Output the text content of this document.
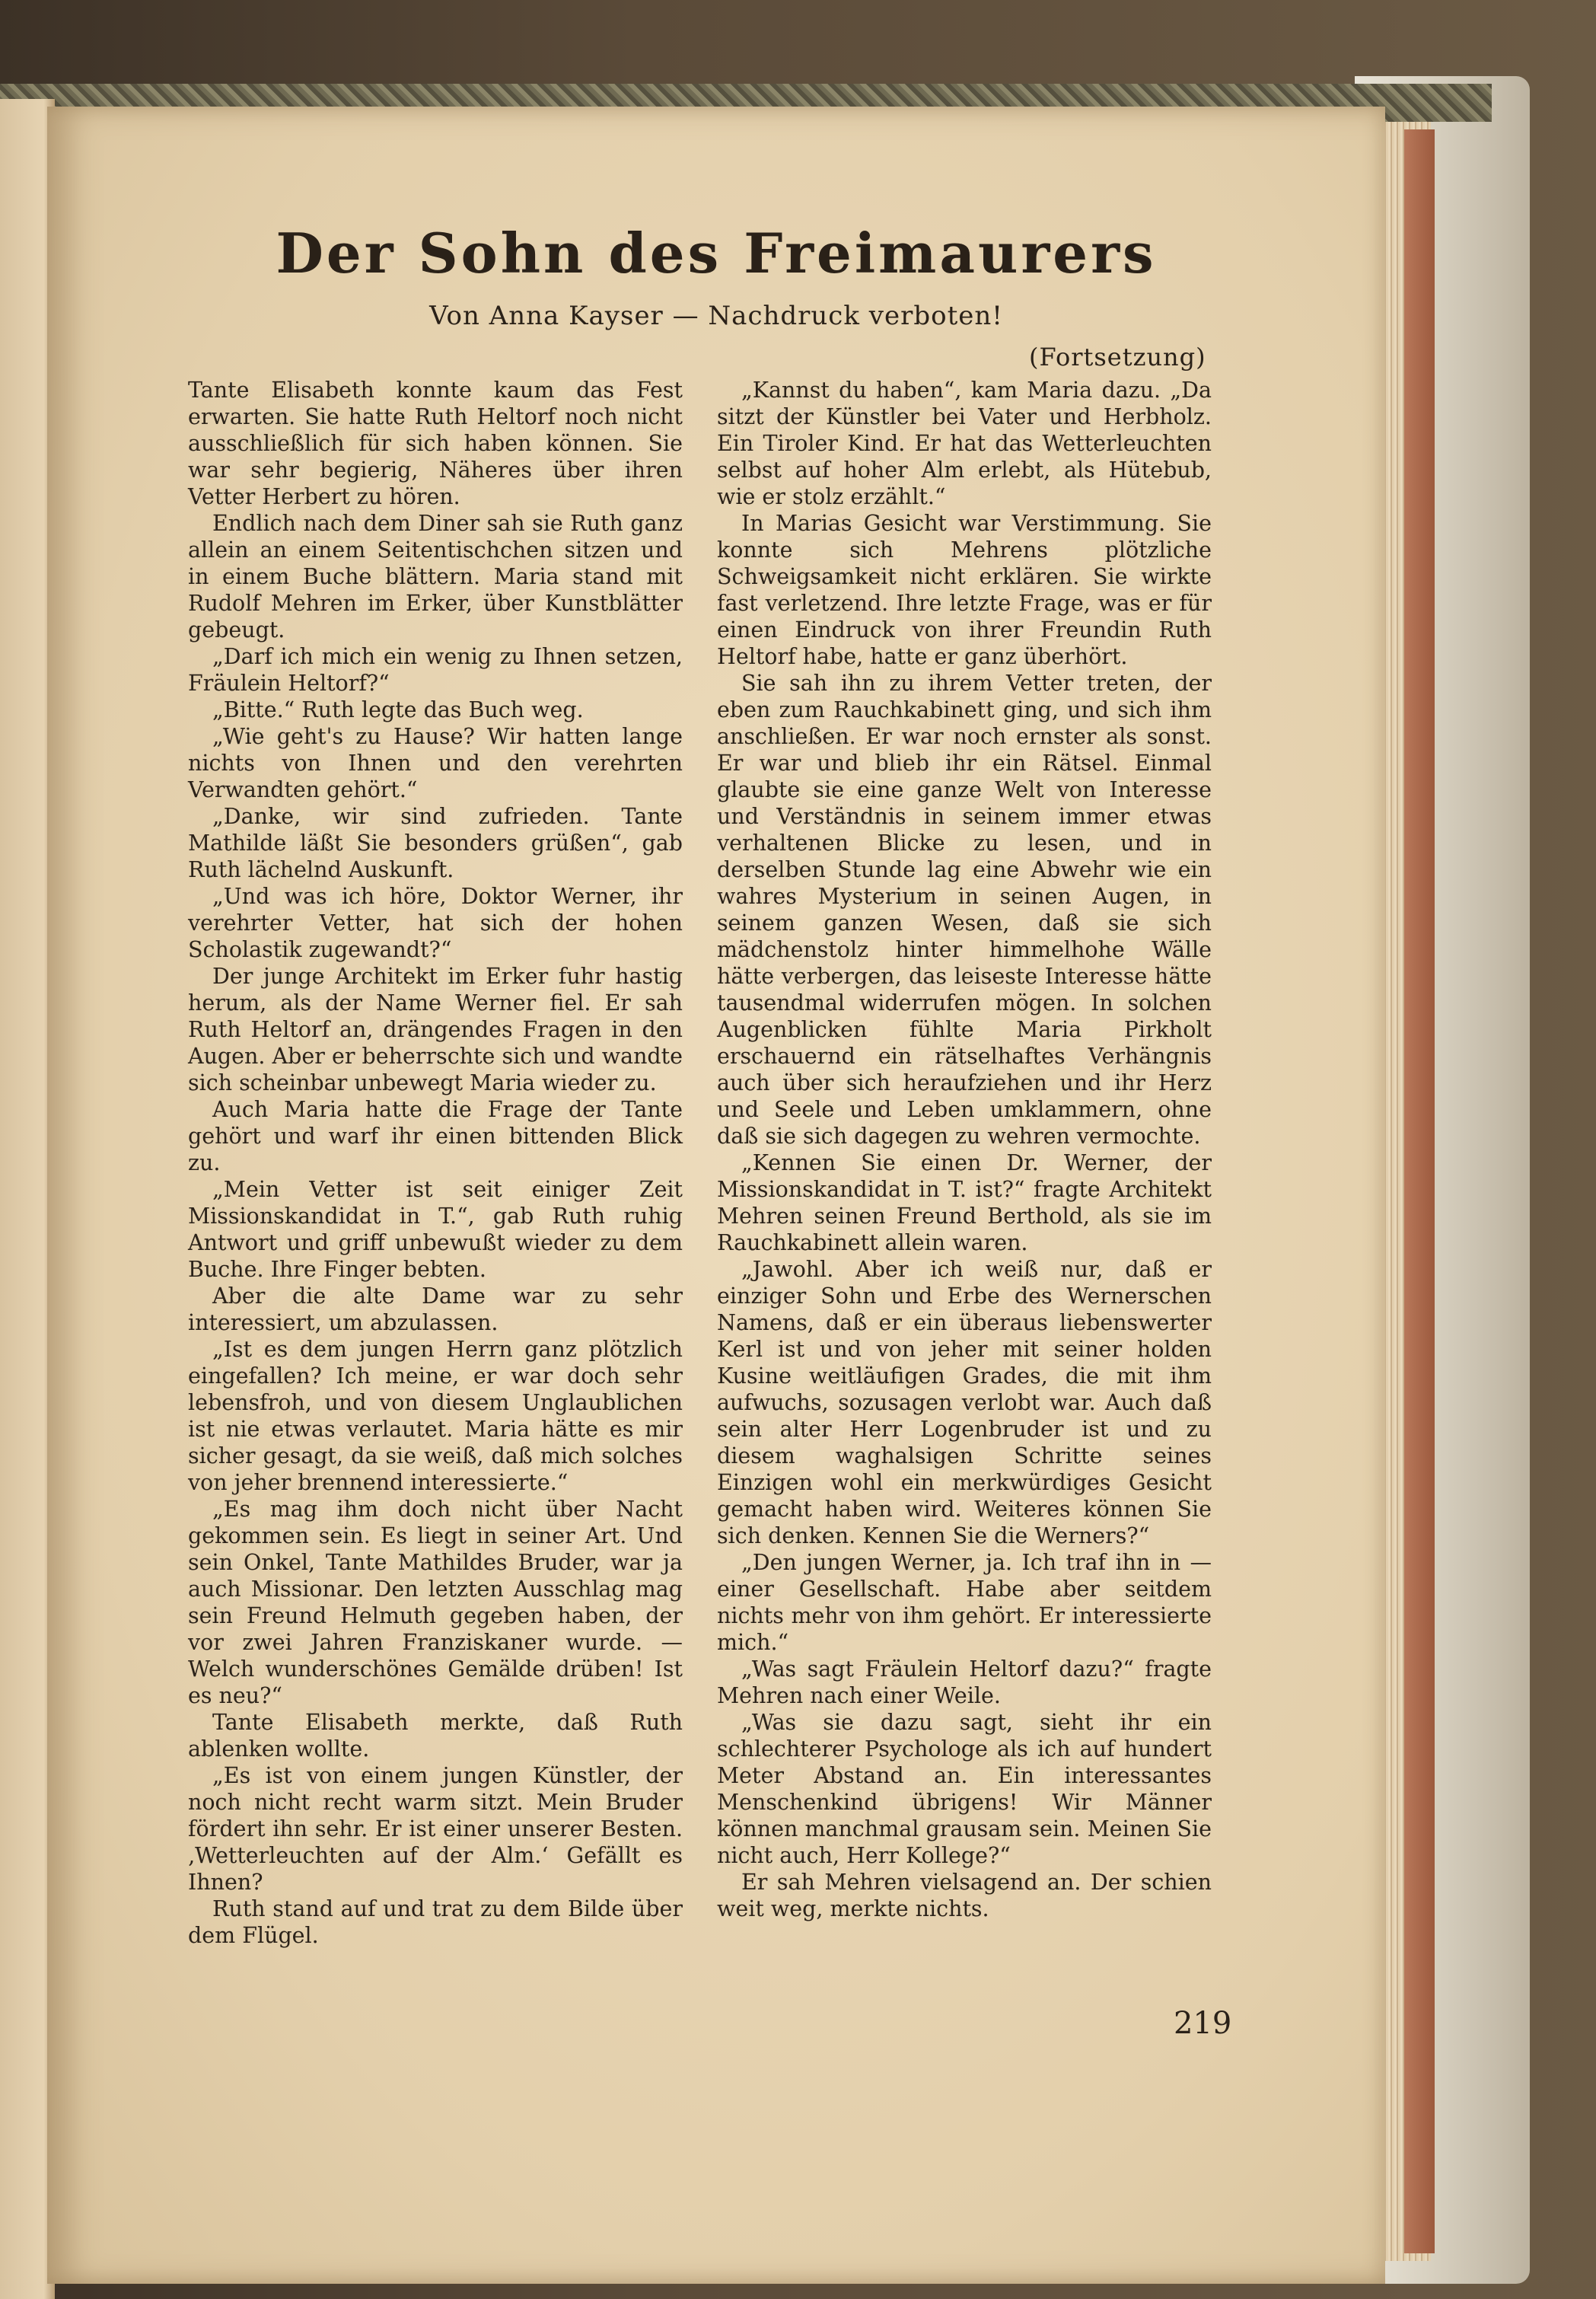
Der Sohn des Freimaurers
Von Anna Kayser — Nachdruck verboten!
(Fortsetzung)

Tante Elisabeth konnte kaum das Fest erwarten. Sie hatte Ruth Heltorf noch nicht ausschließlich für sich haben können. Sie war sehr begierig, Näheres über ihren Vetter Herbert zu hören.

Endlich nach dem Diner sah sie Ruth ganz allein an einem Seitentischchen sitzen und in einem Buche blättern. Maria stand mit Rudolf Mehren im Erker, über Kunstblätter gebeugt.

„Darf ich mich ein wenig zu Ihnen setzen, Fräulein Heltorf?“

„Bitte.“ Ruth legte das Buch weg.

„Wie geht's zu Hause? Wir hatten lange nichts von Ihnen und den verehrten Verwandten gehört.“

„Danke, wir sind zufrieden. Tante Mathilde läßt Sie besonders grüßen“, gab Ruth lächelnd Auskunft.

„Und was ich höre, Doktor Werner, ihr verehrter Vetter, hat sich der hohen Scholastik zugewandt?“

Der junge Architekt im Erker fuhr hastig herum, als der Name Werner fiel. Er sah Ruth Heltorf an, drängendes Fragen in den Augen. Aber er beherrschte sich und wandte sich scheinbar unbewegt Maria wieder zu.

Auch Maria hatte die Frage der Tante gehört und warf ihr einen bittenden Blick zu.

„Mein Vetter ist seit einiger Zeit Missionskandidat in T.“, gab Ruth ruhig Antwort und griff unbewußt wieder zu dem Buche. Ihre Finger bebten.

Aber die alte Dame war zu sehr interessiert, um abzulassen.

„Ist es dem jungen Herrn ganz plötzlich eingefallen? Ich meine, er war doch sehr lebensfroh, und von diesem Unglaublichen ist nie etwas verlautet. Maria hätte es mir sicher gesagt, da sie weiß, daß mich solches von jeher brennend interessierte.“

„Es mag ihm doch nicht über Nacht gekommen sein. Es liegt in seiner Art. Und sein Onkel, Tante Mathildes Bruder, war ja auch Missionar. Den letzten Ausschlag mag sein Freund Helmuth gegeben haben, der vor zwei Jahren Franziskaner wurde. — Welch wunderschönes Gemälde drüben! Ist es neu?“

Tante Elisabeth merkte, daß Ruth ablenken wollte.

„Es ist von einem jungen Künstler, der noch nicht recht warm sitzt. Mein Bruder fördert ihn sehr. Er ist einer unserer Besten. ‚Wetterleuchten auf der Alm.‘ Gefällt es Ihnen?

Ruth stand auf und trat zu dem Bilde über dem Flügel.

„Kannst du haben“, kam Maria dazu. „Da sitzt der Künstler bei Vater und Herbholz. Ein Tiroler Kind. Er hat das Wetterleuchten selbst auf hoher Alm erlebt, als Hütebub, wie er stolz erzählt.“

In Marias Gesicht war Verstimmung. Sie konnte sich Mehrens plötzliche Schweigsamkeit nicht erklären. Sie wirkte fast verletzend. Ihre letzte Frage, was er für einen Eindruck von ihrer Freundin Ruth Heltorf habe, hatte er ganz überhört.

Sie sah ihn zu ihrem Vetter treten, der eben zum Rauchkabinett ging, und sich ihm anschließen. Er war noch ernster als sonst. Er war und blieb ihr ein Rätsel. Einmal glaubte sie eine ganze Welt von Interesse und Verständnis in seinem immer etwas verhaltenen Blicke zu lesen, und in derselben Stunde lag eine Abwehr wie ein wahres Mysterium in seinen Augen, in seinem ganzen Wesen, daß sie sich mädchenstolz hinter himmelhohe Wälle hätte verbergen, das leiseste Interesse hätte tausendmal widerrufen mögen. In solchen Augenblicken fühlte Maria Pirkholt erschauernd ein rätselhaftes Verhängnis auch über sich heraufziehen und ihr Herz und Seele und Leben umklammern, ohne daß sie sich dagegen zu wehren vermochte.

„Kennen Sie einen Dr. Werner, der Missionskandidat in T. ist?“ fragte Architekt Mehren seinen Freund Berthold, als sie im Rauchkabinett allein waren.

„Jawohl. Aber ich weiß nur, daß er einziger Sohn und Erbe des Wernerschen Namens, daß er ein überaus liebenswerter Kerl ist und von jeher mit seiner holden Kusine weitläufigen Grades, die mit ihm aufwuchs, sozusagen verlobt war. Auch daß sein alter Herr Logenbruder ist und zu diesem waghalsigen Schritte seines Einzigen wohl ein merkwürdiges Gesicht gemacht haben wird. Weiteres können Sie sich denken. Kennen Sie die Werners?“

„Den jungen Werner, ja. Ich traf ihn in — einer Gesellschaft. Habe aber seitdem nichts mehr von ihm gehört. Er interessierte mich.“

„Was sagt Fräulein Heltorf dazu?“ fragte Mehren nach einer Weile.

„Was sie dazu sagt, sieht ihr ein schlechterer Psychologe als ich auf hundert Meter Abstand an. Ein interessantes Menschenkind übrigens! Wir Männer können manchmal grausam sein. Meinen Sie nicht auch, Herr Kollege?“

Er sah Mehren vielsagend an. Der schien weit weg, merkte nichts.

219
